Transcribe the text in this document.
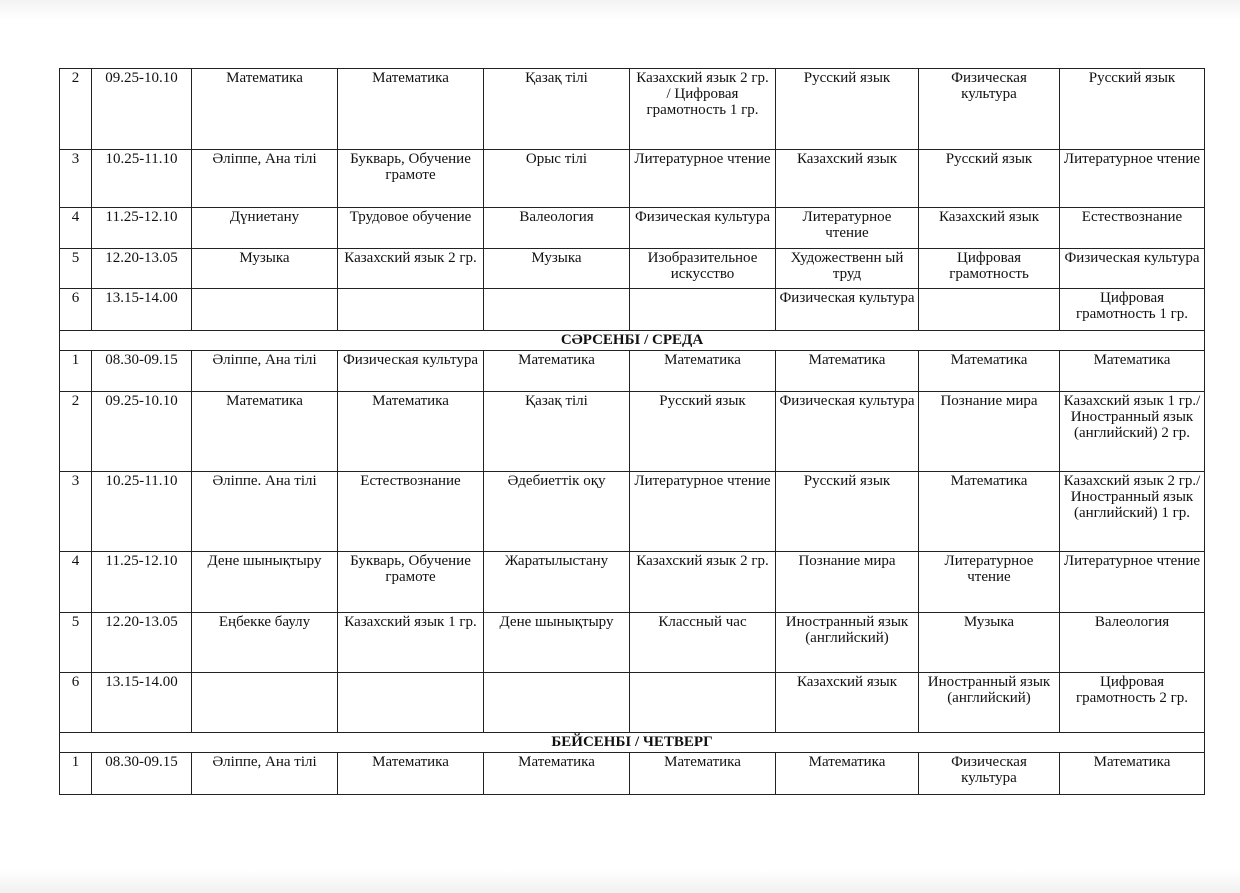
2	09.25-10.10	Математика	Математика	Қазақ тілі	Казахский язык 2 гр. / Цифровая грамотность 1 гр.	Русский язык	Физическая культура	Русский язык
3	10.25-11.10	Әліппе, Ана тілі	Букварь, Обучение грамоте	Орыс тілі	Литературное чтение	Казахский язык	Русский язык	Литературное чтение
4	11.25-12.10	Дүниетану	Трудовое обучение	Валеология	Физическая культура	Литературное чтение	Казахский язык	Естествознание
5	12.20-13.05	Музыка	Казахский язык 2 гр.	Музыка	Изобразительное искусство	Художественн ый труд	Цифровая грамотность	Физическая культура
6	13.15-14.00					Физическая культура		Цифровая грамотность 1 гр.
СӘРСЕНБІ / СРЕДА								
1	08.30-09.15	Әліппе, Ана тілі	Физическая культура	Математика	Математика	Математика	Математика	Математика
2	09.25-10.10	Математика	Математика	Қазақ тілі	Русский язык	Физическая культура	Познание мира	Казахский язык 1 гр./ Иностранный язык (английский) 2 гр.
3	10.25-11.10	Әліппе. Ана тілі	Естествознание	Әдебиеттік оқу	Литературное чтение	Русский язык	Математика	Казахский язык 2 гр./ Иностранный язык (английский) 1 гр.
4	11.25-12.10	Дене шынықтыру	Букварь, Обучение грамоте	Жаратылыстану	Казахский язык 2 гр.	Познание мира	Литературное чтение	Литературное чтение
5	12.20-13.05	Еңбекке баулу	Казахский язык 1 гр.	Дене шынықтыру	Классный час	Иностранный язык (английский)	Музыка	Валеология
6	13.15-14.00					Казахский язык	Иностранный язык (английский)	Цифровая грамотность 2 гр.
БЕЙСЕНБІ / ЧЕТВЕРГ								
1	08.30-09.15	Әліппе, Ана тілі	Математика	Математика	Математика	Математика	Физическая культура	Математика
